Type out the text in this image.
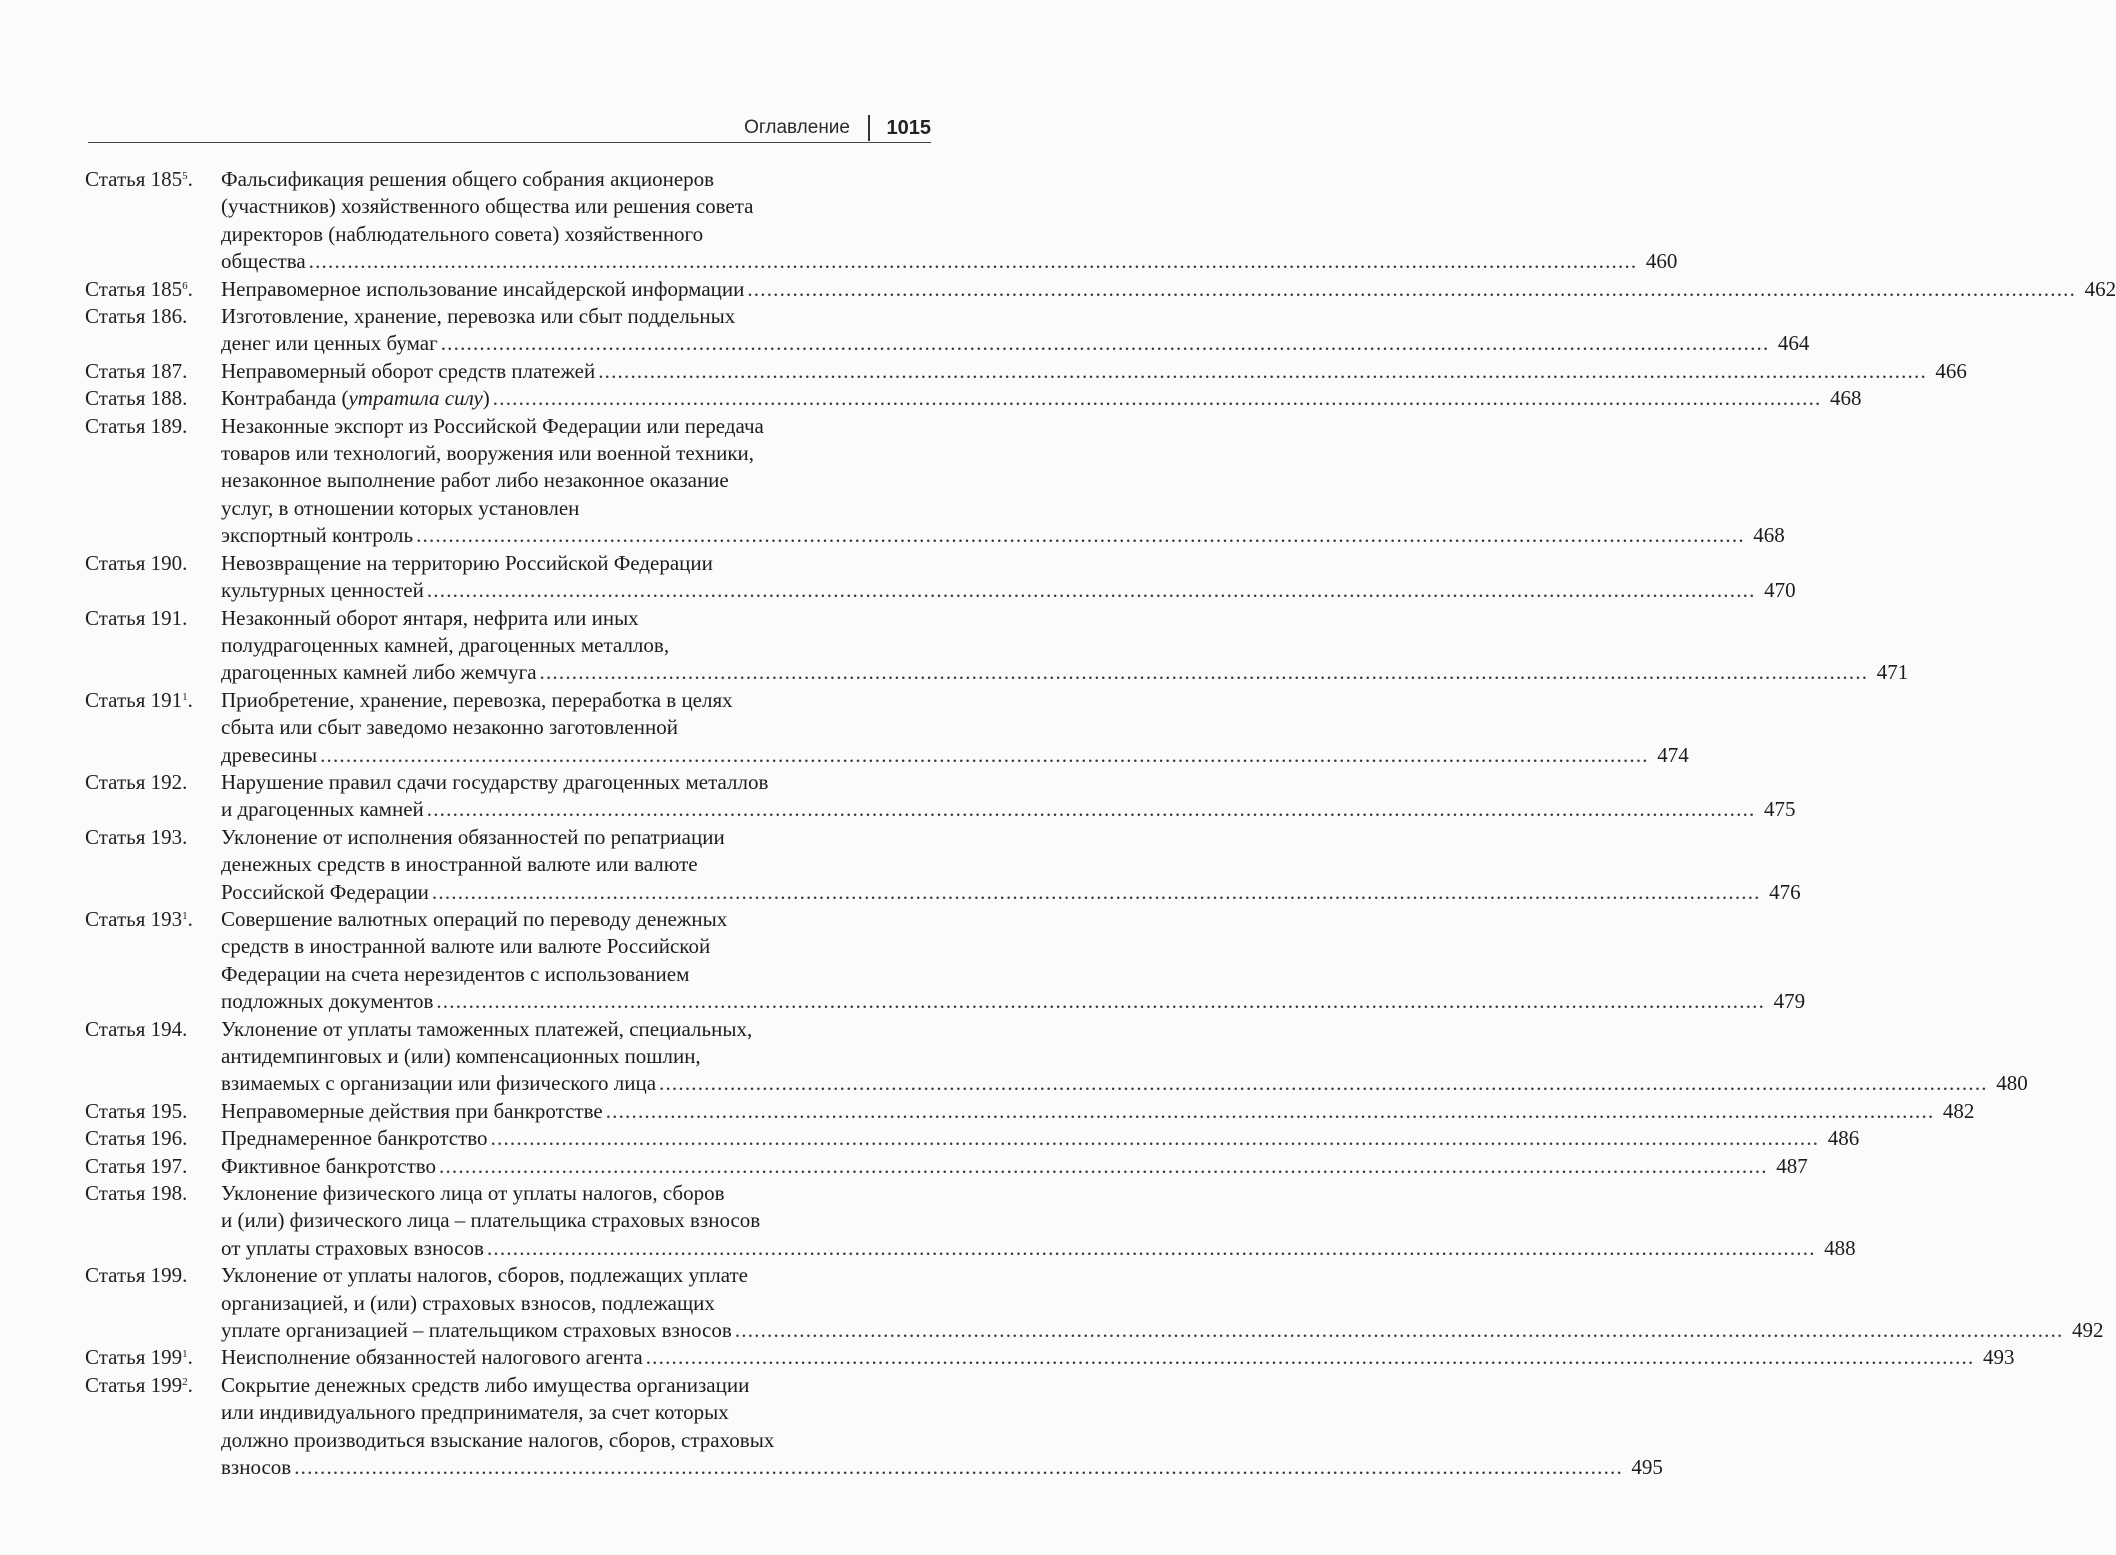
Оглавление 1015
Статья $185^5$.	Фальсификация решения общего собрания акционеров
(участников) хозяйственного общества или решения совета
директоров (наблюдательного совета) хозяйственного
общества .............................................................................................................................................................................................................. 460
Статья $185^6$.	Неправомерное использование инсайдерской информации .............................................................................................................................................................................................................. 462
Статья 186.	Изготовление, хранение, перевозка или сбыт поддельных
денег или ценных бумаг .............................................................................................................................................................................................................. 464
Статья 187.	Неправомерный оборот средств платежей .............................................................................................................................................................................................................. 466
Статья 188.	Контрабанда (утратила силу) .............................................................................................................................................................................................................. 468
Статья 189.	Незаконные экспорт из Российской Федерации или передача
товаров или технологий, вооружения или военной техники,
незаконное выполнение работ либо незаконное оказание
услуг, в отношении которых установлен
экспортный контроль .............................................................................................................................................................................................................. 468
Статья 190.	Невозвращение на территорию Российской Федерации
культурных ценностей .............................................................................................................................................................................................................. 470
Статья 191.	Незаконный оборот янтаря, нефрита или иных
полудрагоценных камней, драгоценных металлов,
драгоценных камней либо жемчуга .............................................................................................................................................................................................................. 471
Статья $191^1$.	Приобретение, хранение, перевозка, переработка в целях
сбыта или сбыт заведомо незаконно заготовленной
древесины .............................................................................................................................................................................................................. 474
Статья 192.	Нарушение правил сдачи государству драгоценных металлов
и драгоценных камней .............................................................................................................................................................................................................. 475
Статья 193.	Уклонение от исполнения обязанностей по репатриации
денежных средств в иностранной валюте или валюте
Российской Федерации .............................................................................................................................................................................................................. 476
Статья $193^1$.	Совершение валютных операций по переводу денежных
средств в иностранной валюте или валюте Российской
Федерации на счета нерезидентов с использованием
подложных документов .............................................................................................................................................................................................................. 479
Статья 194.	Уклонение от уплаты таможенных платежей, специальных,
антидемпинговых и (или) компенсационных пошлин,
взимаемых с организации или физического лица .............................................................................................................................................................................................................. 480
Статья 195.	Неправомерные действия при банкротстве .............................................................................................................................................................................................................. 482
Статья 196.	Преднамеренное банкротство .............................................................................................................................................................................................................. 486
Статья 197.	Фиктивное банкротство .............................................................................................................................................................................................................. 487
Статья 198.	Уклонение физического лица от уплаты налогов, сборов
и (или) физического лица – плательщика страховых взносов
от уплаты страховых взносов .............................................................................................................................................................................................................. 488
Статья 199.	Уклонение от уплаты налогов, сборов, подлежащих уплате
организацией, и (или) страховых взносов, подлежащих
уплате организацией – плательщиком страховых взносов .............................................................................................................................................................................................................. 492
Статья $199^1$.	Неисполнение обязанностей налогового агента .............................................................................................................................................................................................................. 493
Статья $199^2$.	Сокрытие денежных средств либо имущества организации
или индивидуального предпринимателя, за счет которых
должно производиться взыскание налогов, сборов, страховых
взносов .............................................................................................................................................................................................................. 495
